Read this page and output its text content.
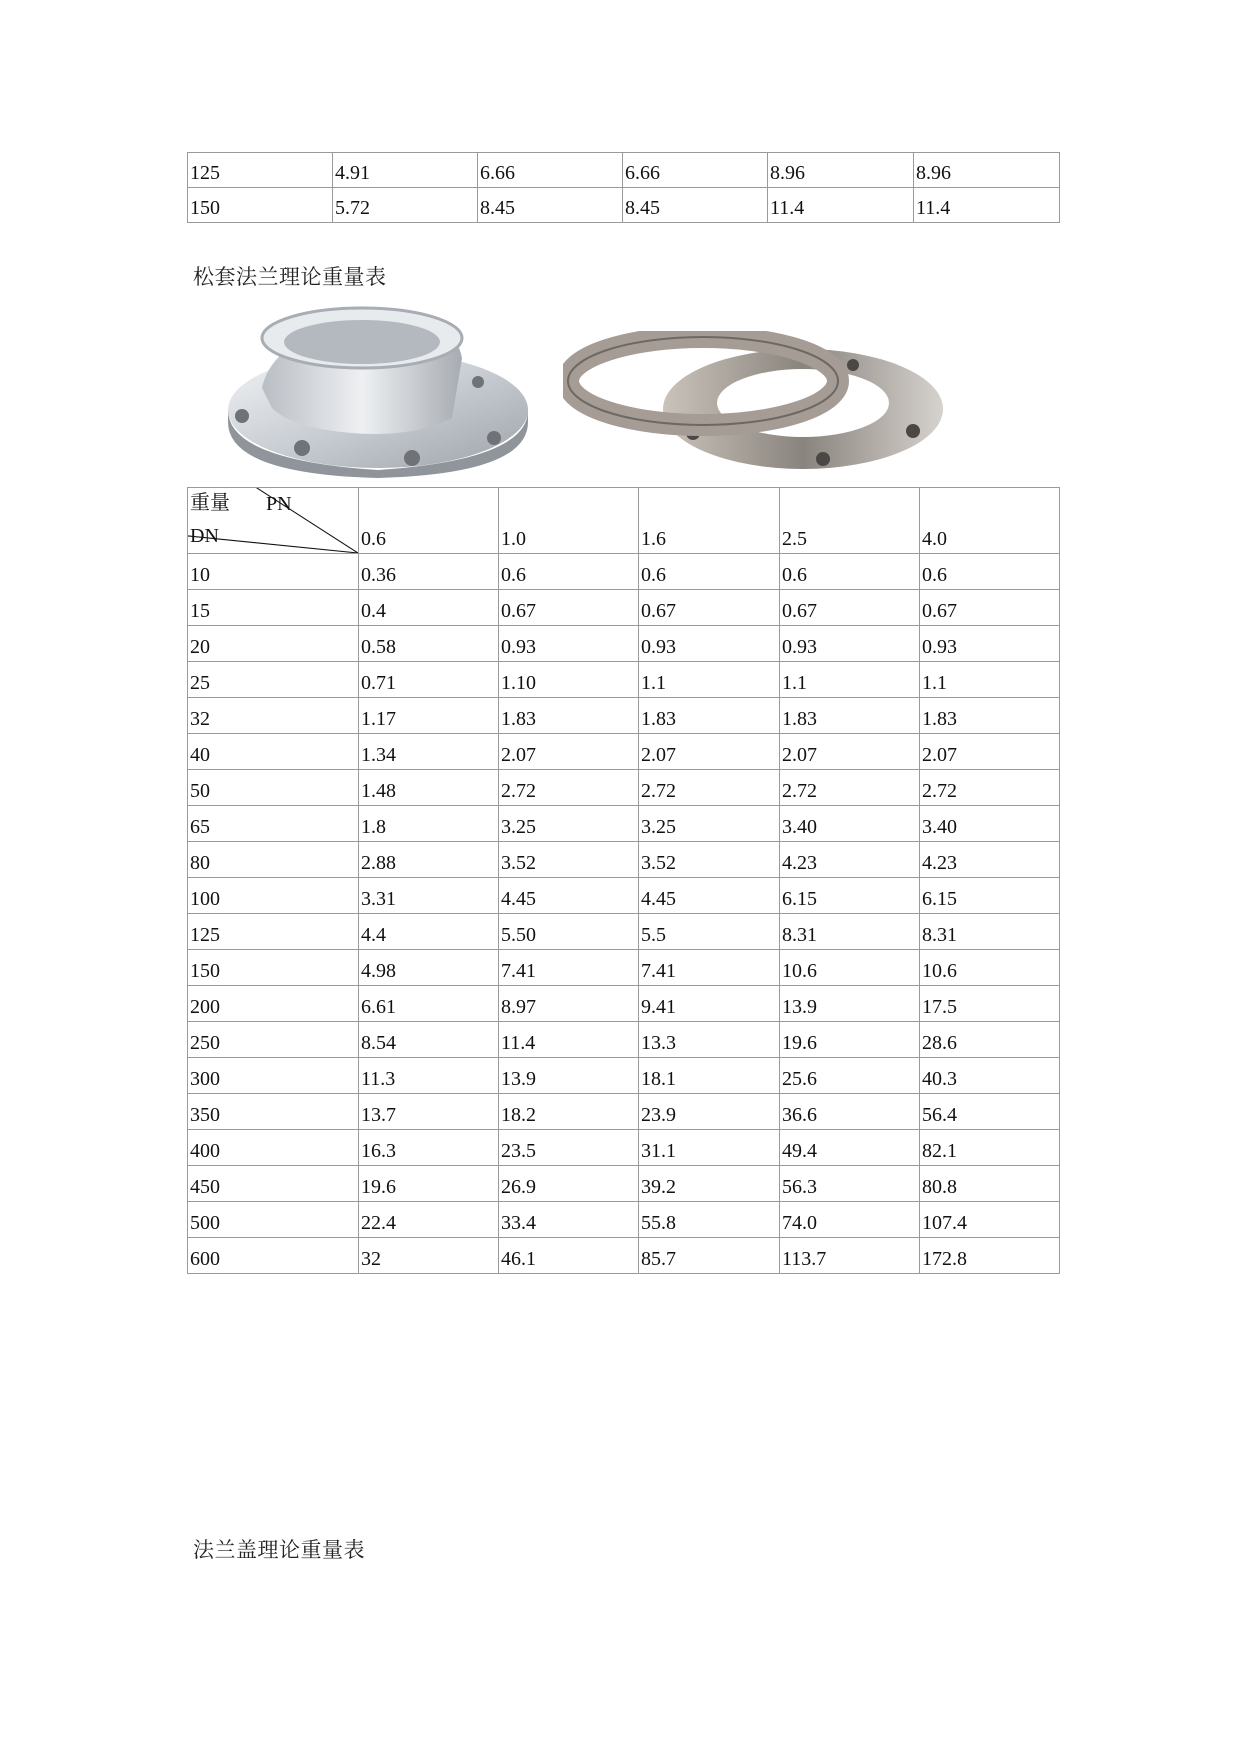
125	4.91	6.66	6.66	8.96	8.96
150	5.72	8.45	8.45	11.4	11.4
松套法兰理论重量表
重量 PN
DN	0.6	1.0	1.6	2.5	4.0
10	0.36	0.6	0.6	0.6	0.6
15	0.4	0.67	0.67	0.67	0.67
20	0.58	0.93	0.93	0.93	0.93
25	0.71	1.10	1.1	1.1	1.1
32	1.17	1.83	1.83	1.83	1.83
40	1.34	2.07	2.07	2.07	2.07
50	1.48	2.72	2.72	2.72	2.72
65	1.8	3.25	3.25	3.40	3.40
80	2.88	3.52	3.52	4.23	4.23
100	3.31	4.45	4.45	6.15	6.15
125	4.4	5.50	5.5	8.31	8.31
150	4.98	7.41	7.41	10.6	10.6
200	6.61	8.97	9.41	13.9	17.5
250	8.54	11.4	13.3	19.6	28.6
300	11.3	13.9	18.1	25.6	40.3
350	13.7	18.2	23.9	36.6	56.4
400	16.3	23.5	31.1	49.4	82.1
450	19.6	26.9	39.2	56.3	80.8
500	22.4	33.4	55.8	74.0	107.4
600	32	46.1	85.7	113.7	172.8
法兰盖理论重量表
